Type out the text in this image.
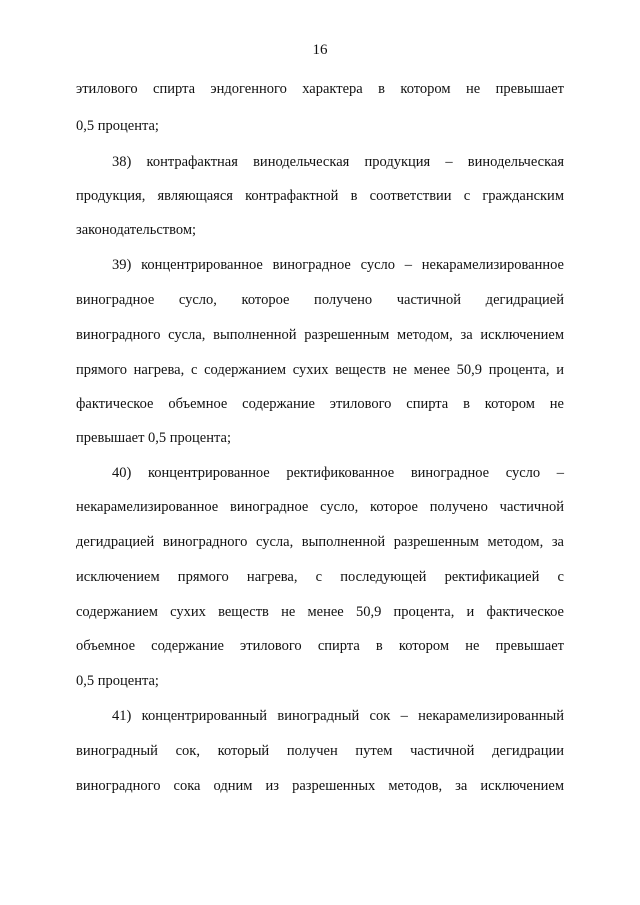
16
этилового спирта эндогенного характера в котором не превышает
0,5 процента;
38) контрафактная винодельческая продукция – винодельческая
продукция, являющаяся контрафактной в соответствии с гражданским
законодательством;
39) концентрированное виноградное сусло – некарамелизированное
виноградное сусло, которое получено частичной дегидрацией
виноградного сусла, выполненной разрешенным методом, за исключением
прямого нагрева, с содержанием сухих веществ не менее 50,9 процента, и
фактическое объемное содержание этилового спирта в котором не
превышает 0,5 процента;
40) концентрированное ректификованное виноградное сусло –
некарамелизированное виноградное сусло, которое получено частичной
дегидрацией виноградного сусла, выполненной разрешенным методом, за
исключением прямого нагрева, с последующей ректификацией с
содержанием сухих веществ не менее 50,9 процента, и фактическое
объемное содержание этилового спирта в котором не превышает
0,5 процента;
41) концентрированный виноградный сок – некарамелизированный
виноградный сок, который получен путем частичной дегидрации
виноградного сока одним из разрешенных методов, за исключением
